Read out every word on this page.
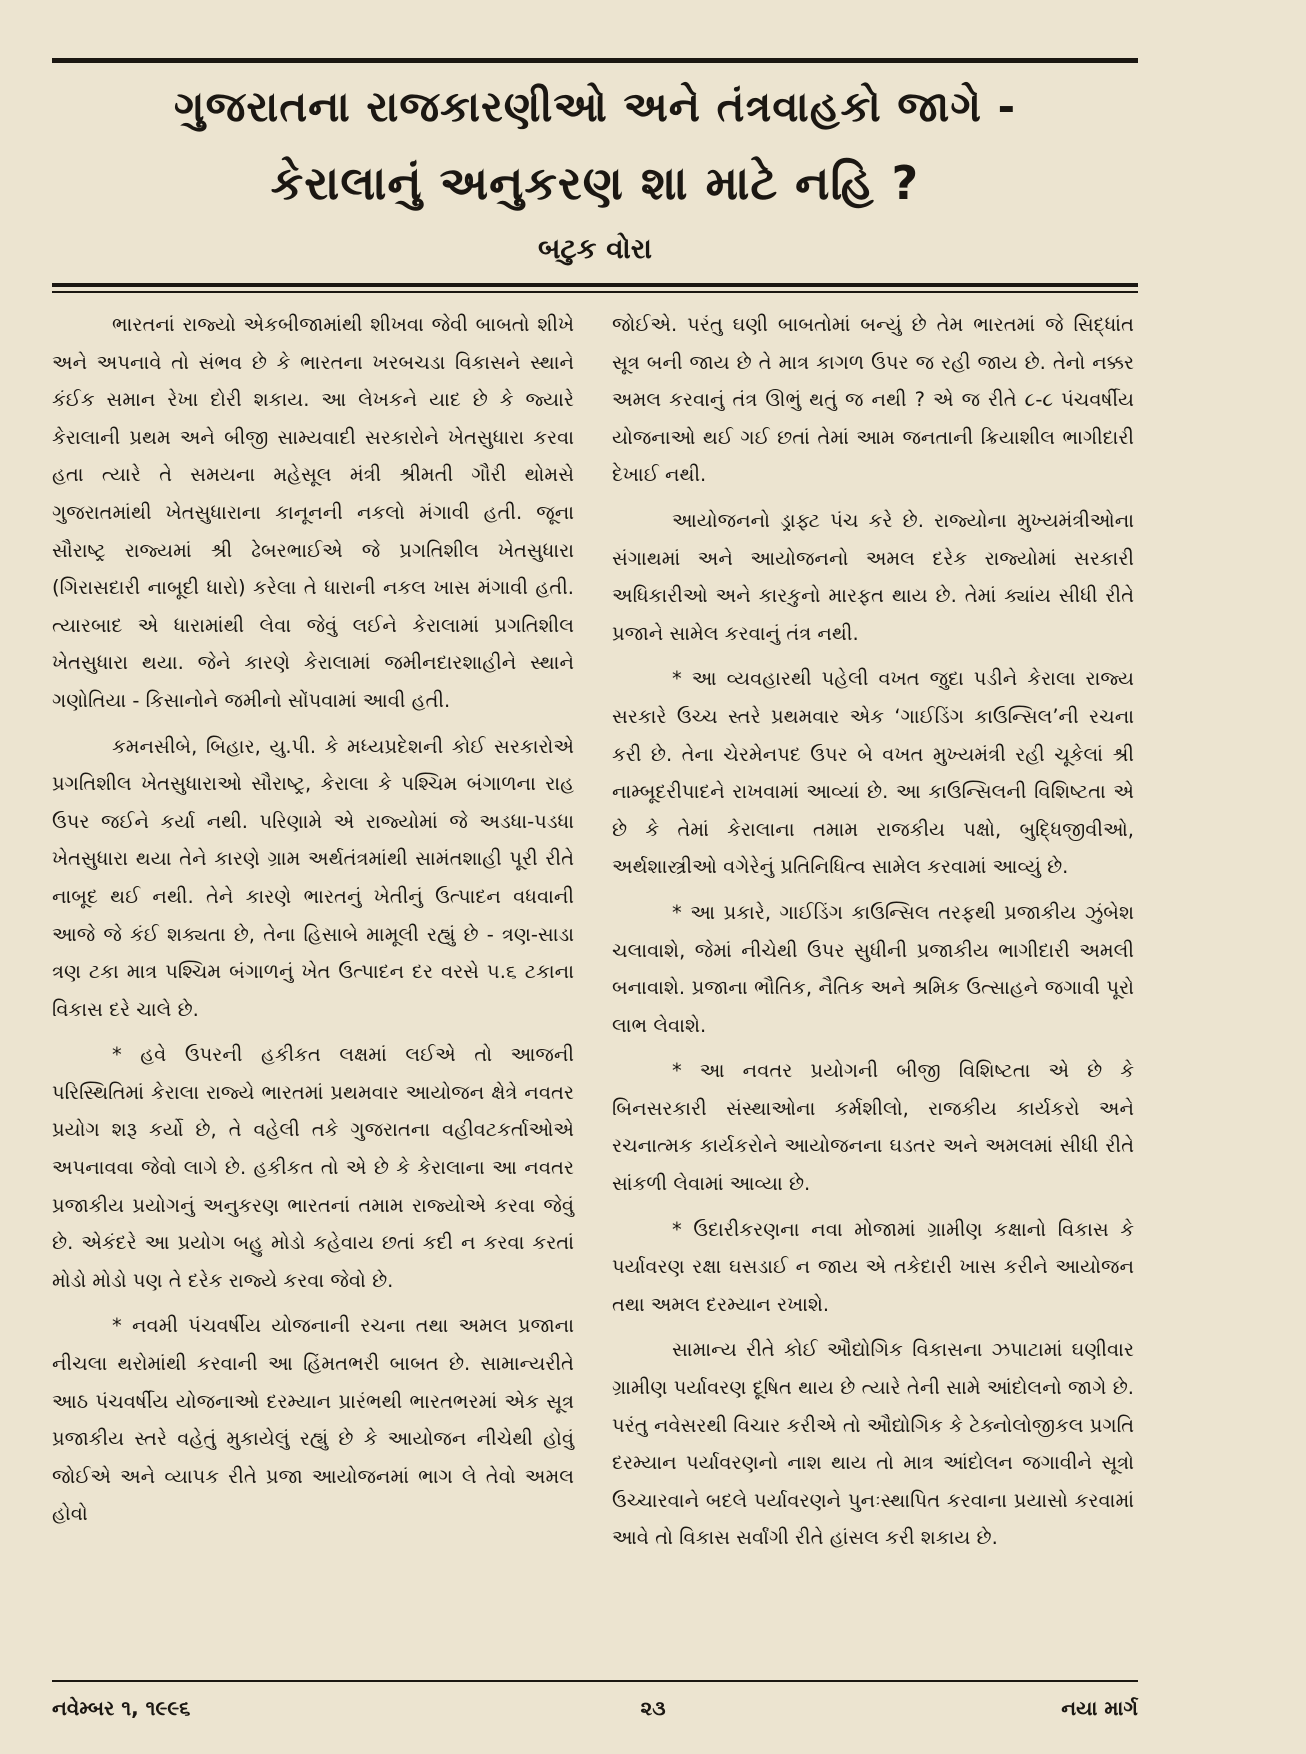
ગુજરાતના રાજકારણીઓ અને તંત્રવાહકો જાગે -
કેરાલાનું અનુકરણ શા માટે નહિ ?
બટુક વોરા

ભારતનાં રાજ્યો એકબીજામાંથી શીખવા જેવી બાબતો શીખે અને અપનાવે તો સંભવ છે કે ભારતના ખરબચડા વિકાસને સ્થાને કંઈક સમાન રેખા દોરી શકાય. આ લેખકને યાદ છે કે જ્યારે કેરાલાની પ્રથમ અને બીજી સામ્યવાદી સરકારોને ખેતસુધારા કરવા હતા ત્યારે તે સમયના મહેસૂલ મંત્રી શ્રીમતી ગૌરી થોમસે ગુજરાતમાંથી ખેતસુધારાના કાનૂનની નકલો મંગાવી હતી. જૂના સૌરાષ્ટ્ર રાજ્યમાં શ્રી ઢેબરભાઈએ જે પ્રગતિશીલ ખેતસુધારા (ગિરાસદારી નાબૂદી ધારો) કરેલા તે ધારાની નકલ ખાસ મંગાવી હતી. ત્યારબાદ એ ધારામાંથી લેવા જેવું લઈને કેરાલામાં પ્રગતિશીલ ખેતસુધારા થયા. જેને કારણે કેરાલામાં જમીનદારશાહીને સ્થાને ગણોતિયા - કિસાનોને જમીનો સોંપવામાં આવી હતી.

કમનસીબે, બિહાર, યુ.પી. કે મધ્યપ્રદેશની કોઈ સરકારોએ પ્રગતિશીલ ખેતસુધારાઓ સૌરાષ્ટ્ર, કેરાલા કે પશ્ચિમ બંગાળના રાહ ઉપર જઈને કર્યા નથી. પરિણામે એ રાજ્યોમાં જે અડધા-પડધા ખેતસુધારા થયા તેને કારણે ગ્રામ અર્થતંત્રમાંથી સામંતશાહી પૂરી રીતે નાબૂદ થઈ નથી. તેને કારણે ભારતનું ખેતીનું ઉત્પાદન વધવાની આજે જે કંઈ શક્યતા છે, તેના હિસાબે મામૂલી રહ્યું છે - ત્રણ-સાડા ત્રણ ટકા માત્ર પશ્ચિમ બંગાળનું ખેત ઉત્પાદન દર વરસે ૫.૬ ટકાના વિકાસ દરે ચાલે છે.

* હવે ઉપરની હકીકત લક્ષમાં લઈએ તો આજની પરિસ્થિતિમાં કેરાલા રાજ્યે ભારતમાં પ્રથમવાર આયોજન ક્ષેત્રે નવતર પ્રયોગ શરૂ કર્યો છે, તે વહેલી તકે ગુજરાતના વહીવટકર્તાઓએ અપનાવવા જેવો લાગે છે. હકીકત તો એ છે કે કેરાલાના આ નવતર પ્રજાકીય પ્રયોગનું અનુકરણ ભારતનાં તમામ રાજ્યોએ કરવા જેવું છે. એકંદરે આ પ્રયોગ બહુ મોડો કહેવાય છતાં કદી ન કરવા કરતાં મોડો મોડો પણ તે દરેક રાજ્યે કરવા જેવો છે.

* નવમી પંચવર્ષીય યોજનાની રચના તથા અમલ પ્રજાના નીચલા થરોમાંથી કરવાની આ હિંમતભરી બાબત છે. સામાન્યરીતે આઠ પંચવર્ષીય યોજનાઓ દરમ્યાન પ્રારંભથી ભારતભરમાં એક સૂત્ર પ્રજાકીય સ્તરે વહેતું મુકાયેલું રહ્યું છે કે આયોજન નીચેથી હોવું જોઈએ અને વ્યાપક રીતે પ્રજા આયોજનમાં ભાગ લે તેવો અમલ હોવો

જોઈએ. પરંતુ ઘણી બાબતોમાં બન્યું છે તેમ ભારતમાં જે સિદ્ધાંત સૂત્ર બની જાય છે તે માત્ર કાગળ ઉપર જ રહી જાય છે. તેનો નક્કર અમલ કરવાનું તંત્ર ઊભું થતું જ નથી ? એ જ રીતે ૮-૮ પંચવર્ષીય યોજનાઓ થઈ ગઈ છતાં તેમાં આમ જનતાની ક્રિયાશીલ ભાગીદારી દેખાઈ નથી.

આયોજનનો ડ્રાફ્ટ પંચ કરે છે. રાજ્યોના મુખ્યમંત્રીઓના સંગાથમાં અને આયોજનનો અમલ દરેક રાજ્યોમાં સરકારી અધિકારીઓ અને કારકુનો મારફત થાય છે. તેમાં ક્યાંય સીધી રીતે પ્રજાને સામેલ કરવાનું તંત્ર નથી.

* આ વ્યવહારથી પહેલી વખત જુદા પડીને કેરાલા રાજ્ય સરકારે ઉચ્ચ સ્તરે પ્રથમવાર એક ‘ગાઈડિંગ કાઉન્સિલ’ની રચના કરી છે. તેના ચેરમેનપદ ઉપર બે વખત મુખ્યમંત્રી રહી ચૂકેલાં શ્રી નામ્બૂદરીપાદને રાખવામાં આવ્યાં છે. આ કાઉન્સિલની વિશિષ્ટતા એ છે કે તેમાં કેરાલાના તમામ રાજકીય પક્ષો, બુદ્ધિજીવીઓ, અર્થશાસ્ત્રીઓ વગેરેનું પ્રતિનિધિત્વ સામેલ કરવામાં આવ્યું છે.

* આ પ્રકારે, ગાઈડિંગ કાઉન્સિલ તરફથી પ્રજાકીય ઝુંબેશ ચલાવાશે, જેમાં નીચેથી ઉપર સુધીની પ્રજાકીય ભાગીદારી અમલી બનાવાશે. પ્રજાના ભૌતિક, નૈતિક અને શ્રમિક ઉત્સાહને જગાવી પૂરો લાભ લેવાશે.

* આ નવતર પ્રયોગની બીજી વિશિષ્ટતા એ છે કે બિનસરકારી સંસ્થાઓના કર્મશીલો, રાજકીય કાર્યકરો અને રચનાત્મક કાર્યકરોને આયોજનના ઘડતર અને અમલમાં સીધી રીતે સાંકળી લેવામાં આવ્યા છે.

* ઉદારીકરણના નવા મોજામાં ગ્રામીણ કક્ષાનો વિકાસ કે પર્યાવરણ રક્ષા ઘસડાઈ ન જાય એ તકેદારી ખાસ કરીને આયોજન તથા અમલ દરમ્યાન રખાશે.

સામાન્ય રીતે કોઈ ઔદ્યોગિક વિકાસના ઝપાટામાં ઘણીવાર ગ્રામીણ પર્યાવરણ દૂષિત થાય છે ત્યારે તેની સામે આંદોલનો જાગે છે. પરંતુ નવેસરથી વિચાર કરીએ તો ઔદ્યોગિક કે ટેક્નોલોજીકલ પ્રગતિ દરમ્યાન પર્યાવરણનો નાશ થાય તો માત્ર આંદોલન જગાવીને સૂત્રો ઉચ્ચારવાને બદલે પર્યાવરણને પુનઃસ્થાપિત કરવાના પ્રયાસો કરવામાં આવે તો વિકાસ સર્વાંગી રીતે હાંસલ કરી શકાય છે.

નવેમ્બર ૧, ૧૯૯૬	૨૩	નયા માર્ગ
